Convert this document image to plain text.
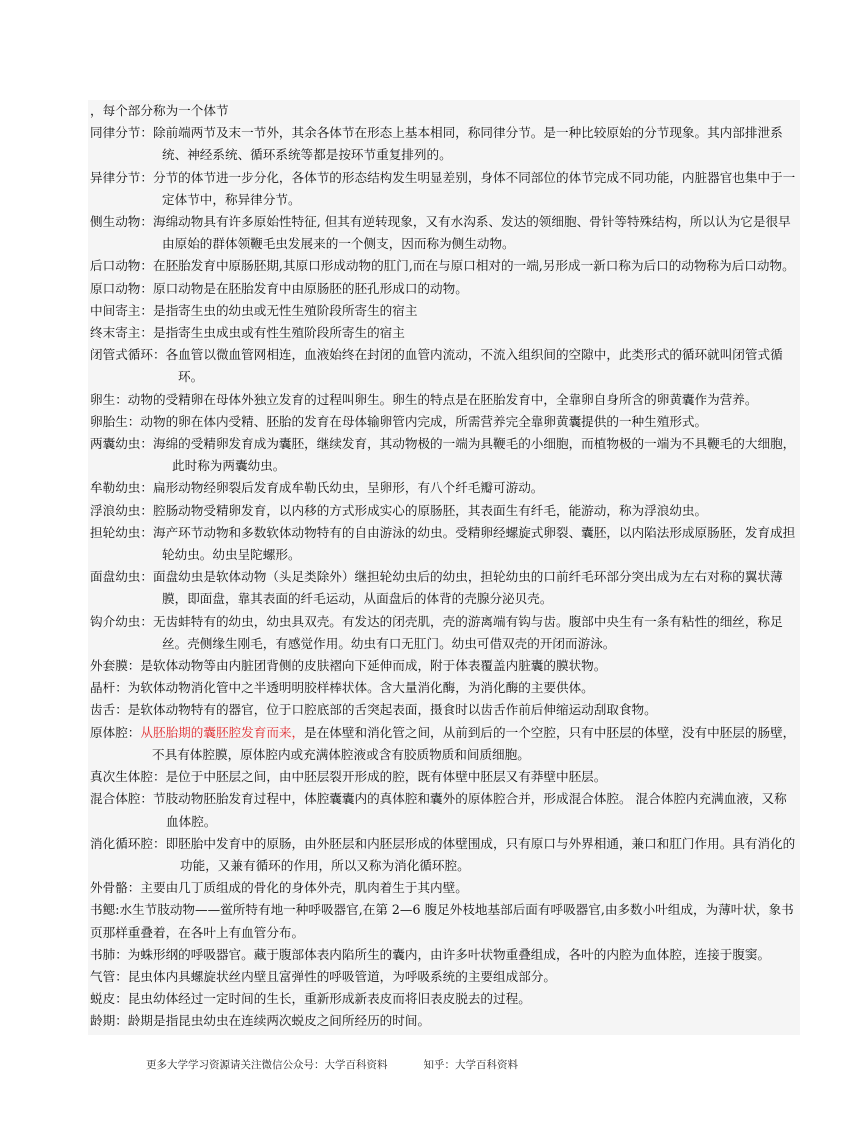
，每个部分称为一个体节

同律分节：除前端两节及末一节外，其余各体节在形态上基本相同，称同律分节。是一种比较原始的分节现象。其内部排泄系统、神经系统、循环系统等都是按环节重复排列的。

异律分节：分节的体节进一步分化，各体节的形态结构发生明显差别，身体不同部位的体节完成不同功能，内脏器官也集中于一定体节中，称异律分节。

侧生动物：海绵动物具有许多原始性特征, 但其有逆转现象，又有水沟系、发达的领细胞、骨针等特殊结构，所以认为它是很早由原始的群体领鞭毛虫发展来的一个侧支，因而称为侧生动物。

后口动物：在胚胎发育中原肠胚期,其原口形成动物的肛门,而在与原口相对的一端,另形成一新口称为后口的动物称为后口动物。

原口动物：原口动物是在胚胎发育中由原肠胚的胚孔形成口的动物。

中间寄主：是指寄生虫的幼虫或无性生殖阶段所寄生的宿主

终末寄主：是指寄生虫成虫或有性生殖阶段所寄生的宿主

闭管式循环：各血管以微血管网相连，血液始终在封闭的血管内流动，不流入组织间的空隙中，此类形式的循环就叫闭管式循环。

卵生：动物的受精卵在母体外独立发育的过程叫卵生。卵生的特点是在胚胎发育中，全靠卵自身所含的卵黄囊作为营养。

卵胎生：动物的卵在体内受精、胚胎的发育在母体输卵管内完成，所需营养完全靠卵黄囊提供的一种生殖形式。

两囊幼虫：海绵的受精卵发育成为囊胚，继续发育，其动物极的一端为具鞭毛的小细胞，而植物极的一端为不具鞭毛的大细胞，此时称为两囊幼虫。

牟勒幼虫：扁形动物经卵裂后发育成牟勒氏幼虫，呈卵形，有八个纤毛瓣可游动。

浮浪幼虫：腔肠动物受精卵发育，以内移的方式形成实心的原肠胚，其表面生有纤毛，能游动，称为浮浪幼虫。

担轮幼虫：海产环节动物和多数软体动物特有的自由游泳的幼虫。受精卵经螺旋式卵裂、囊胚，以内陷法形成原肠胚，发育成担轮幼虫。幼虫呈陀螺形。

面盘幼虫：面盘幼虫是软体动物（头足类除外）继担轮幼虫后的幼虫，担轮幼虫的口前纤毛环部分突出成为左右对称的翼状薄膜，即面盘，靠其表面的纤毛运动，从面盘后的体背的壳腺分泌贝壳。

钩介幼虫：无齿蚌特有的幼虫，幼虫具双壳。有发达的闭壳肌，壳的游离端有钩与齿。腹部中央生有一条有粘性的细丝，称足丝。壳侧缘生刚毛，有感觉作用。幼虫有口无肛门。幼虫可借双壳的开闭而游泳。

外套膜：是软体动物等由内脏团背侧的皮肤褶向下延伸而成，附于体表覆盖内脏囊的膜状物。

晶杆：为软体动物消化管中之半透明明胶样棒状体。含大量消化酶，为消化酶的主要供体。

齿舌：是软体动物特有的器官，位于口腔底部的舌突起表面，摄食时以齿舌作前后伸缩运动刮取食物。

原体腔：从胚胎期的囊胚腔发育而来，是在体壁和消化管之间，从前到后的一个空腔，只有中胚层的体壁，没有中胚层的肠壁，不具有体腔膜，原体腔内或充满体腔液或含有胶质物质和间质细胞。

真次生体腔：是位于中胚层之间，由中胚层裂开形成的腔，既有体壁中胚层又有莽壁中胚层。

混合体腔：节肢动物胚胎发育过程中，体腔囊囊内的真体腔和囊外的原体腔合并，形成混合体腔。 混合体腔内充满血液，又称血体腔。

消化循环腔：即胚胎中发育中的原肠，由外胚层和内胚层形成的体壁围成，只有原口与外界相通，兼口和肛门作用。具有消化的功能，又兼有循环的作用，所以又称为消化循环腔。

外骨骼：主要由几丁质组成的骨化的身体外壳，肌肉着生于其内壁。

书鳃:水生节肢动物——鲎所特有地一种呼吸器官,在第 2—6 腹足外枝地基部后面有呼吸器官,由多数小叶组成，为薄叶状，象书页那样重叠着，在各叶上有血管分布。

书肺：为蛛形纲的呼吸器官。藏于腹部体表内陷所生的囊内，由许多叶状物重叠组成，各叶的内腔为血体腔，连接于腹窦。

气管：昆虫体内具螺旋状丝内壁且富弹性的呼吸管道，为呼吸系统的主要组成部分。

蜕皮：昆虫幼体经过一定时间的生长，重新形成新表皮而将旧表皮脱去的过程。

龄期：龄期是指昆虫幼虫在连续两次蜕皮之间所经历的时间。

更多大学学习资源请关注微信公众号：大学百科资料	知乎：大学百科资料
